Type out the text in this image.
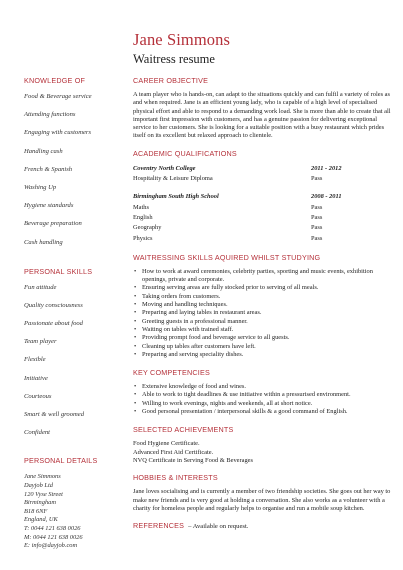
Jane Simmons
Waitress resume
KNOWLEDGE OF
Food & Beverage service
Attending functions
Engaging with customers
Handling cash
French & Spanish
Washing Up
Hygiene standards
Beverage preparation
Cash handling
PERSONAL SKILLS
Fun attitude
Quality consciousness
Passionate about food
Team player
Flexible
Initiative
Courteous
Smart & well groomed
Confident
PERSONAL DETAILS
Jane Simmons
Dayjob Ltd
120 Vyse Street
Birmingham
B18 6NF
England, UK
T: 0044 121 638 0026
M: 0044 121 638 0026
E: info@dayjob.com
CAREER OBJECTIVE
A team player who is hands-on, can adapt to the situations quickly and can fulfil a variety of roles as and when required. Jane is an efficient young lady, who is capable of a high level of specialised physical effort and able to respond to a demanding work load. She is more than able to create that all important first impression with customers, and has a genuine passion for delivering exceptional service to her customers. She is looking for a suitable position with a busy restaurant which prides itself on its excellent but relaxed approach to clientele.
ACADEMIC QUALIFICATIONS
Coventry North College	2011 - 2012
Hospitality & Leisure Diploma	Pass

Birmingham South High School	2008 - 2011
Maths	Pass
English	Pass
Geography	Pass
Physics	Pass
WAITRESSING SKILLS AQUIRED WHILST STUDYING
• How to work at award ceremonies, celebrity parties, sporting and music events, exhibition openings, private and corporate.
• Ensuring serving areas are fully stocked prior to serving of all meals.
• Taking orders from customers.
• Moving and handling techniques.
• Preparing and laying tables in restaurant areas.
• Greeting guests in a professional manner.
• Waiting on tables with trained staff.
• Providing prompt food and beverage service to all guests.
• Cleaning up tables after customers have left.
• Preparing and serving speciality dishes.
KEY COMPETENCIES
• Extensive knowledge of food and wines.
• Able to work to tight deadlines & use initiative within a pressurised environment.
• Willing to work evenings, nights and weekends, all at short notice.
• Good personal presentation / interpersonal skills & a good command of English.
SELECTED ACHIEVEMENTS
Food Hygiene Certificate.
Advanced First Aid Certificate.
NVQ Certificate in Serving Food & Beverages
HOBBIES & INTERESTS
Jane loves socialising and is currently a member of two friendship societies. She goes out her way to make new friends and is very good at holding a conversation. She also works as a volunteer with a charity for homeless people and regularly helps to organise and run a mobile soup kitchen.
REFERENCES – Available on request.
